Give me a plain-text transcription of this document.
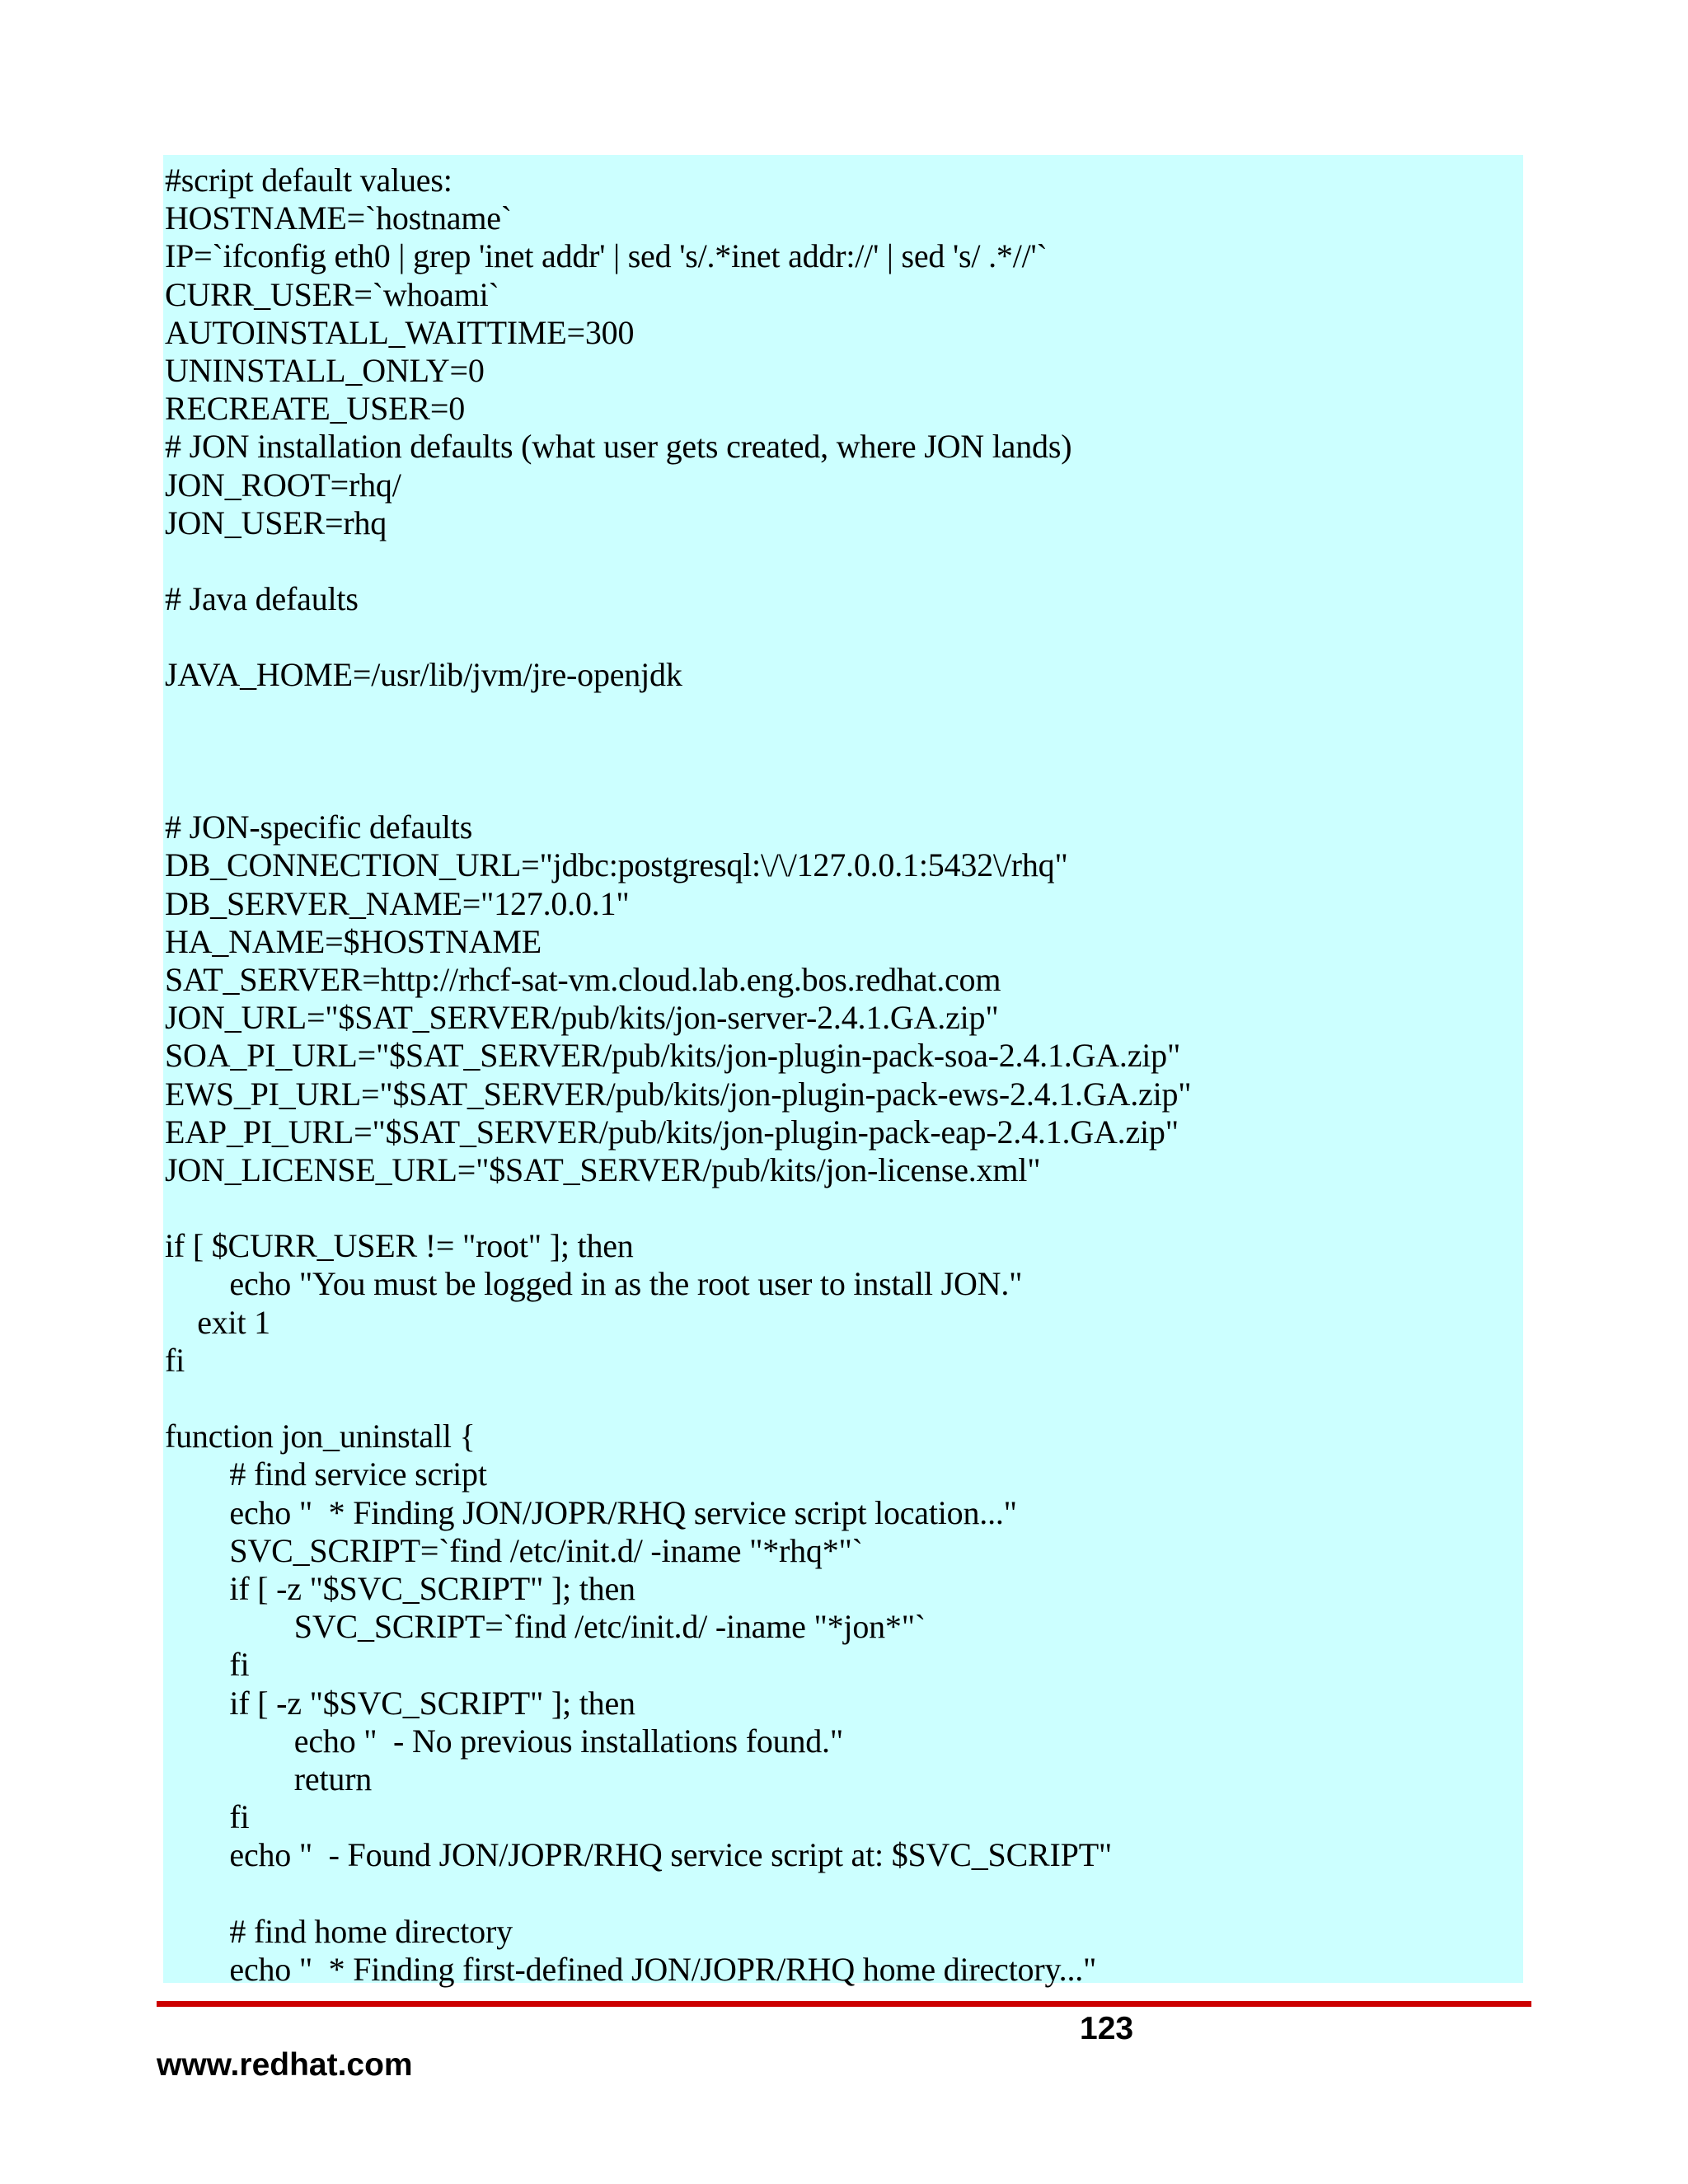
#script default values:
HOSTNAME=`hostname`
IP=`ifconfig eth0 | grep 'inet addr' | sed 's/.*inet addr://' | sed 's/ .*//'`
CURR_USER=`whoami`
AUTOINSTALL_WAITTIME=300
UNINSTALL_ONLY=0
RECREATE_USER=0
# JON installation defaults (what user gets created, where JON lands)
JON_ROOT=rhq/
JON_USER=rhq
# Java defaults
JAVA_HOME=/usr/lib/jvm/jre-openjdk
# JON-specific defaults
DB_CONNECTION_URL="jdbc:postgresql:\/\/127.0.0.1:5432\/rhq"
DB_SERVER_NAME="127.0.0.1"
HA_NAME=$HOSTNAME
SAT_SERVER=http://rhcf-sat-vm.cloud.lab.eng.bos.redhat.com
JON_URL="$SAT_SERVER/pub/kits/jon-server-2.4.1.GA.zip"
SOA_PI_URL="$SAT_SERVER/pub/kits/jon-plugin-pack-soa-2.4.1.GA.zip"
EWS_PI_URL="$SAT_SERVER/pub/kits/jon-plugin-pack-ews-2.4.1.GA.zip"
EAP_PI_URL="$SAT_SERVER/pub/kits/jon-plugin-pack-eap-2.4.1.GA.zip"
JON_LICENSE_URL="$SAT_SERVER/pub/kits/jon-license.xml"
if [ $CURR_USER != "root" ]; then
echo "You must be logged in as the root user to install JON."
exit 1
fi
function jon_uninstall {
# find service script
echo "  * Finding JON/JOPR/RHQ service script location..."
SVC_SCRIPT=`find /etc/init.d/ -iname "*rhq*"`
if [ -z "$SVC_SCRIPT" ]; then
SVC_SCRIPT=`find /etc/init.d/ -iname "*jon*"`
fi
if [ -z "$SVC_SCRIPT" ]; then
echo "  - No previous installations found."
return
fi
echo "  - Found JON/JOPR/RHQ service script at: $SVC_SCRIPT"
# find home directory
echo "  * Finding first-defined JON/JOPR/RHQ home directory..."
123
www.redhat.com
